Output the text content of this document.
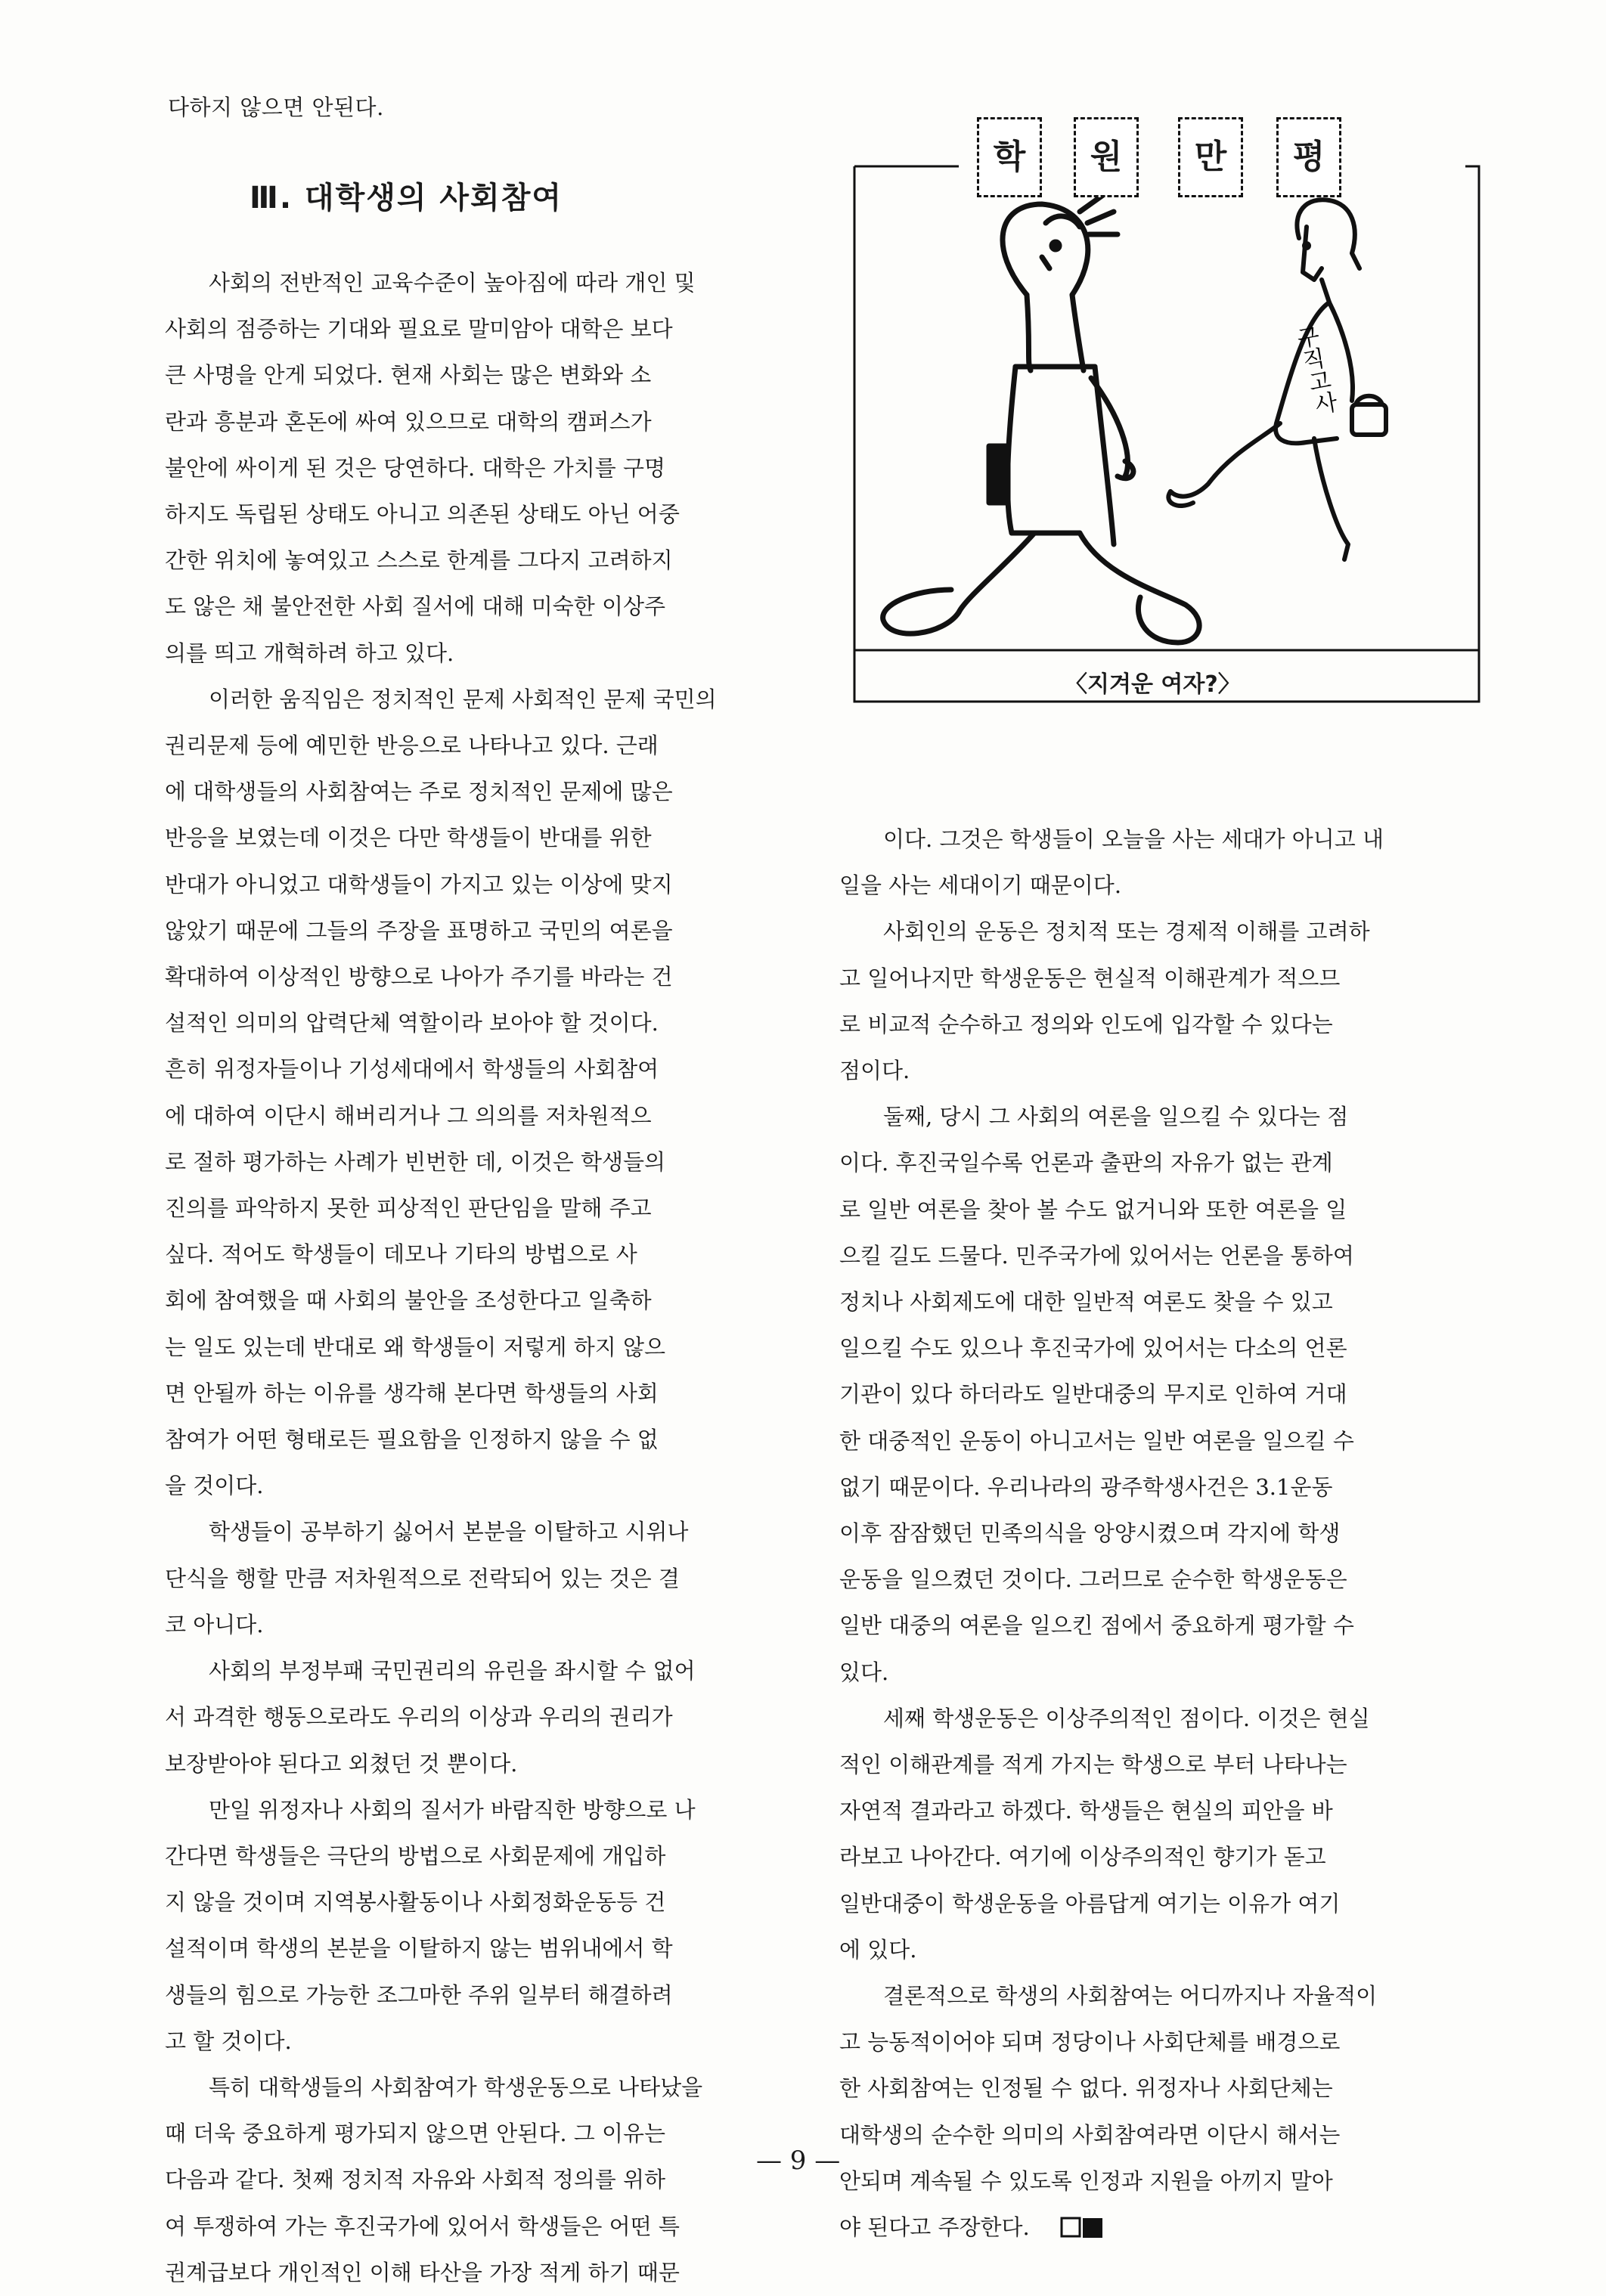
다하지 않으면 안된다.
Ⅲ. 대학생의 사회참여
구 직 고 사
학	원	만	평
〈지겨운 여자?〉
사회의 전반적인 교육수준이 높아짐에 따라 개인 및
사회의 점증하는 기대와 필요로 말미암아 대학은 보다
큰 사명을 안게 되었다. 현재 사회는 많은 변화와 소
란과 흥분과 혼돈에 싸여 있으므로 대학의 캠퍼스가
불안에 싸이게 된 것은 당연하다. 대학은 가치를 구명
하지도 독립된 상태도 아니고 의존된 상태도 아닌 어중
간한 위치에 놓여있고 스스로 한계를 그다지 고려하지
도 않은 채 불안전한 사회 질서에 대해 미숙한 이상주
의를 띄고 개혁하려 하고 있다.
이러한 움직임은 정치적인 문제 사회적인 문제 국민의
권리문제 등에 예민한 반응으로 나타나고 있다. 근래
에 대학생들의 사회참여는 주로 정치적인 문제에 많은
반응을 보였는데 이것은 다만 학생들이 반대를 위한
반대가 아니었고 대학생들이 가지고 있는 이상에 맞지
않았기 때문에 그들의 주장을 표명하고 국민의 여론을
확대하여 이상적인 방향으로 나아가 주기를 바라는 건
설적인 의미의 압력단체 역할이라 보아야 할 것이다.
흔히 위정자들이나 기성세대에서 학생들의 사회참여
에 대하여 이단시 해버리거나 그 의의를 저차원적으
로 절하 평가하는 사례가 빈번한 데, 이것은 학생들의
진의를 파악하지 못한 피상적인 판단임을 말해 주고
싶다. 적어도 학생들이 데모나 기타의 방법으로 사
회에 참여했을 때 사회의 불안을 조성한다고 일축하
는 일도 있는데 반대로 왜 학생들이 저렇게 하지 않으
면 안될까 하는 이유를 생각해 본다면 학생들의 사회
참여가 어떤 형태로든 필요함을 인정하지 않을 수 없
을 것이다.
학생들이 공부하기 싫어서 본분을 이탈하고 시위나
단식을 행할 만큼 저차원적으로 전락되어 있는 것은 결
코 아니다.
사회의 부정부패 국민권리의 유린을 좌시할 수 없어
서 과격한 행동으로라도 우리의 이상과 우리의 권리가
보장받아야 된다고 외쳤던 것 뿐이다.
만일 위정자나 사회의 질서가 바람직한 방향으로 나
간다면 학생들은 극단의 방법으로 사회문제에 개입하
지 않을 것이며 지역봉사활동이나 사회정화운동등 건
설적이며 학생의 본분을 이탈하지 않는 범위내에서 학
생들의 힘으로 가능한 조그마한 주위 일부터 해결하려
고 할 것이다.
특히 대학생들의 사회참여가 학생운동으로 나타났을
때 더욱 중요하게 평가되지 않으면 안된다. 그 이유는
다음과 같다. 첫째 정치적 자유와 사회적 정의를 위하
여 투쟁하여 가는 후진국가에 있어서 학생들은 어떤 특
권계급보다 개인적인 이해 타산을 가장 적게 하기 때문
이다. 그것은 학생들이 오늘을 사는 세대가 아니고 내
일을 사는 세대이기 때문이다.
사회인의 운동은 정치적 또는 경제적 이해를 고려하
고 일어나지만 학생운동은 현실적 이해관계가 적으므
로 비교적 순수하고 정의와 인도에 입각할 수 있다는
점이다.
둘째, 당시 그 사회의 여론을 일으킬 수 있다는 점
이다. 후진국일수록 언론과 출판의 자유가 없는 관계
로 일반 여론을 찾아 볼 수도 없거니와 또한 여론을 일
으킬 길도 드물다. 민주국가에 있어서는 언론을 통하여
정치나 사회제도에 대한 일반적 여론도 찾을 수 있고
일으킬 수도 있으나 후진국가에 있어서는 다소의 언론
기관이 있다 하더라도 일반대중의 무지로 인하여 거대
한 대중적인 운동이 아니고서는 일반 여론을 일으킬 수
없기 때문이다. 우리나라의 광주학생사건은 3.1운동
이후 잠잠했던 민족의식을 앙양시켰으며 각지에 학생
운동을 일으켰던 것이다. 그러므로 순수한 학생운동은
일반 대중의 여론을 일으킨 점에서 중요하게 평가할 수
있다.
세째 학생운동은 이상주의적인 점이다. 이것은 현실
적인 이해관계를 적게 가지는 학생으로 부터 나타나는
자연적 결과라고 하겠다. 학생들은 현실의 피안을 바
라보고 나아간다. 여기에 이상주의적인 향기가 돋고
일반대중이 학생운동을 아름답게 여기는 이유가 여기
에 있다.
결론적으로 학생의 사회참여는 어디까지나 자율적이
고 능동적이어야 되며 정당이나 사회단체를 배경으로
한 사회참여는 인정될 수 없다. 위정자나 사회단체는
대학생의 순수한 의미의 사회참여라면 이단시 해서는
안되며 계속될 수 있도록 인정과 지원을 아끼지 말아
야 된다고 주장한다.
— 9 —
